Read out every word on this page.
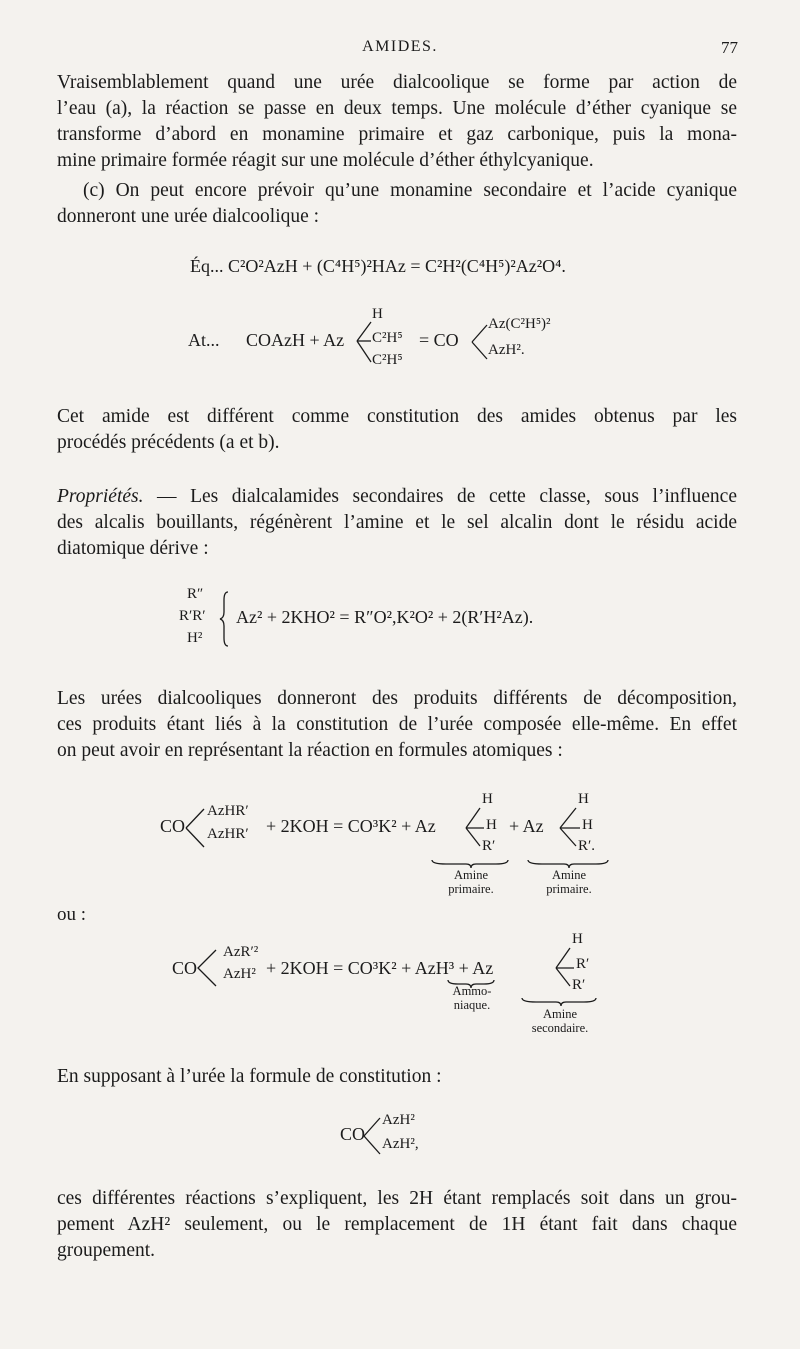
AMIDES.	77
Vraisemblablement quand une urée dialcoolique se forme par action de
l’eau (a), la réaction se passe en deux temps. Une molécule d’éther cyanique se
transforme d’abord en monamine primaire et gaz carbonique, puis la mona-
mine primaire formée réagit sur une molécule d’éther éthylcyanique.
(c) On peut encore prévoir qu’une monamine secondaire et l’acide cyanique
donneront une urée dialcoolique :
Éq... C²O²AzH + (C⁴H⁵)²HAz = C²H²(C⁴H⁵)²Az²O⁴.
At... COAzH + Az
H
C²H⁵
C²H⁵
= CO
Az(C²H⁵)²
AzH².
Cet amide est différent comme constitution des amides obtenus par les
procédés précédents (a et b).
Propriétés. — Les dialcalamides secondaires de cette classe, sous l’influence
des alcalis bouillants, régénèrent l’amine et le sel alcalin dont le résidu acide
diatomique dérive :
R″
R′R′
H²
Az² + 2KHO² = R″O²,K²O² + 2(R′H²Az).
Les urées dialcooliques donneront des produits différents de décomposition,
ces produits étant liés à la constitution de l’urée composée elle-même. En effet
on peut avoir en représentant la réaction en formules atomiques :
CO
AzHR′
AzHR′ + 2KOH = CO³K² + Az
H
H
R′
+ Az
H
H
R′.
Amine
primaire.
Amine
primaire.
ou :
CO
AzR′²
AzH² + 2KOH = CO³K² + AzH³ + Az
H
R′
R′
Ammo-
niaque.
Amine
secondaire.
En supposant à l’urée la formule de constitution :
CO
AzH²
AzH²,
ces différentes réactions s’expliquent, les 2H étant remplacés soit dans un grou-
pement AzH² seulement, ou le remplacement de 1H étant fait dans chaque
groupement.
